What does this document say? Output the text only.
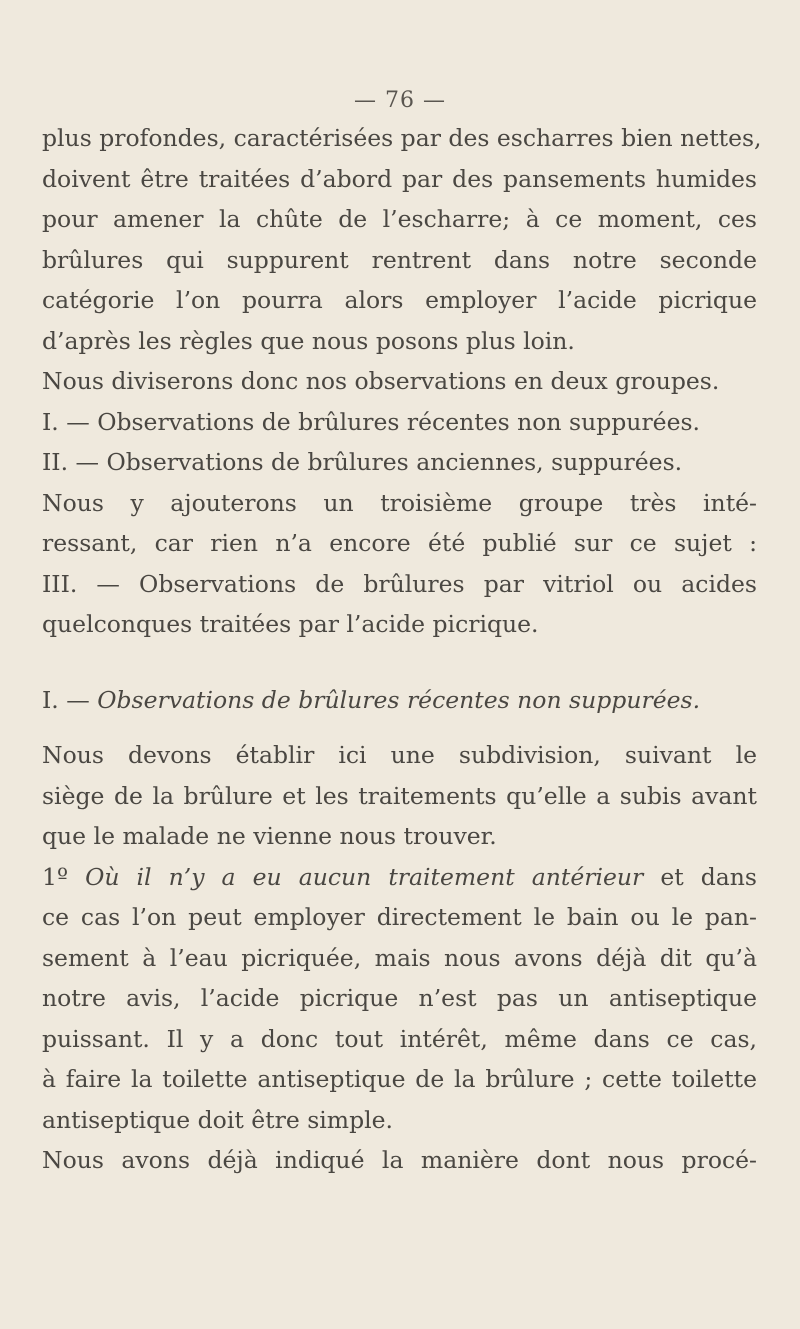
— 76 —
plus profondes, caractérisées par des escharres bien nettes,
doivent être traitées d’abord par des pansements humides
pour amener la chûte de l’escharre; à ce moment, ces
brûlures qui suppurent rentrent dans notre seconde
catégorie l’on pourra alors employer l’acide picrique
d’après les règles que nous posons plus loin.
Nous diviserons donc nos observations en deux groupes.
I. — Observations de brûlures récentes non suppurées.
II. — Observations de brûlures anciennes, suppurées.
Nous y ajouterons un troisième groupe très inté-
ressant, car rien n’a encore été publié sur ce sujet :
III. — Observations de brûlures par vitriol ou acides
quelconques traitées par l’acide picrique.
I. — Observations de brûlures récentes non suppurées.
Nous devons établir ici une subdivision, suivant le
siège de la brûlure et les traitements qu’elle a subis avant
que le malade ne vienne nous trouver.
1º Où il n’y a eu aucun traitement antérieur et dans
ce cas l’on peut employer directement le bain ou le pan-
sement à l’eau picriquée, mais nous avons déjà dit qu’à
notre avis, l’acide picrique n’est pas un antiseptique
puissant. Il y a donc tout intérêt, même dans ce cas,
à faire la toilette antiseptique de la brûlure ; cette toilette
antiseptique doit être simple.
Nous avons déjà indiqué la manière dont nous procé-
